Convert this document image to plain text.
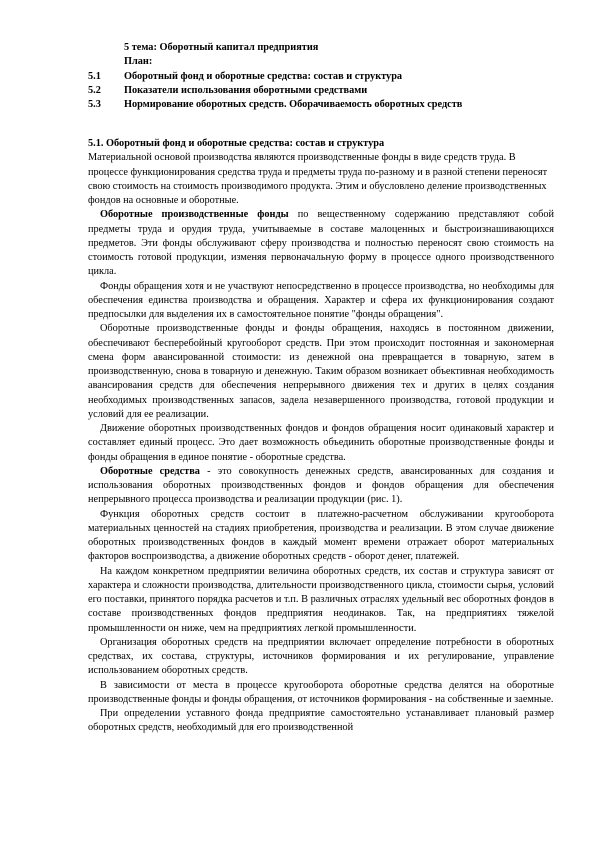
5 тема: Оборотный капитал предприятия
План:
5.1 Оборотный фонд и оборотные средства: состав и структура
5.2 Показатели использования оборотными средствами
5.3 Нормирование оборотных средств. Оборачиваемость оборотных средств

5.1. Оборотный фонд и оборотные средства: состав и структура

Материальной основой производства являются производственные фонды в виде средств труда. В процессе функционирования средства труда и предметы труда по-разному и в разной степени переносят свою стоимость на стоимость производимого продукта. Этим и обусловлено деление производственных фондов на основные и оборотные.

Оборотные производственные фонды по вещественному содержанию представляют собой предметы труда и орудия труда, учитываемые в составе малоценных и быстроизнашивающихся предметов. Эти фонды обслуживают сферу производства и полностью переносят свою стоимость на стоимость готовой продукции, изменяя первоначальную форму в процессе одного производственного цикла.

Фонды обращения хотя и не участвуют непосредственно в процессе производства, но необходимы для обеспечения единства производства и обращения. Характер и сфера их функционирования создают предпосылки для выделения их в самостоятельное понятие "фонды обращения".

Оборотные производственные фонды и фонды обращения, находясь в постоянном движении, обеспечивают бесперебойный кругооборот средств. При этом происходит постоянная и закономерная смена форм авансированной стоимости: из денежной она превращается в товарную, затем в производственную, снова в товарную и денежную. Таким образом возникает объективная необходимость авансирования средств для обеспечения непрерывного движения тех и других в целях создания необходимых производственных запасов, задела незавершенного производства, готовой продукции и условий для ее реализации.

Движение оборотных производственных фондов и фондов обращения носит одинаковый характер и составляет единый процесс. Это дает возможность объединить оборотные производственные фонды и фонды обращения в единое понятие - оборотные средства.

Оборотные средства - это совокупность денежных средств, авансированных для создания и использования оборотных производственных фондов и фондов обращения для обеспечения непрерывного процесса производства и реализации продукции (рис. 1).

Функция оборотных средств состоит в платежно-расчетном обслуживании кругооборота материальных ценностей на стадиях приобретения, производства и реализации. В этом случае движение оборотных производственных фондов в каждый момент времени отражает оборот материальных факторов воспроизводства, а движение оборотных средств - оборот денег, платежей.

На каждом конкретном предприятии величина оборотных средств, их состав и структура зависят от характера и сложности производства, длительности производственного цикла, стоимости сырья, условий его поставки, принятого порядка расчетов и т.п. В различных отраслях удельный вес оборотных фондов в составе производственных фондов предприятия неодинаков. Так, на предприятиях тяжелой промышленности он ниже, чем на предприятиях легкой промышленности.

Организация оборотных средств на предприятии включает определение потребности в оборотных средствах, их состава, структуры, источников формирования и их регулирование, управление использованием оборотных средств.

В зависимости от места в процессе кругооборота оборотные средства делятся на оборотные производственные фонды и фонды обращения, от источников формирования - на собственные и заемные.

При определении уставного фонда предприятие самостоятельно устанавливает плановый размер оборотных средств, необходимый для его производственной
